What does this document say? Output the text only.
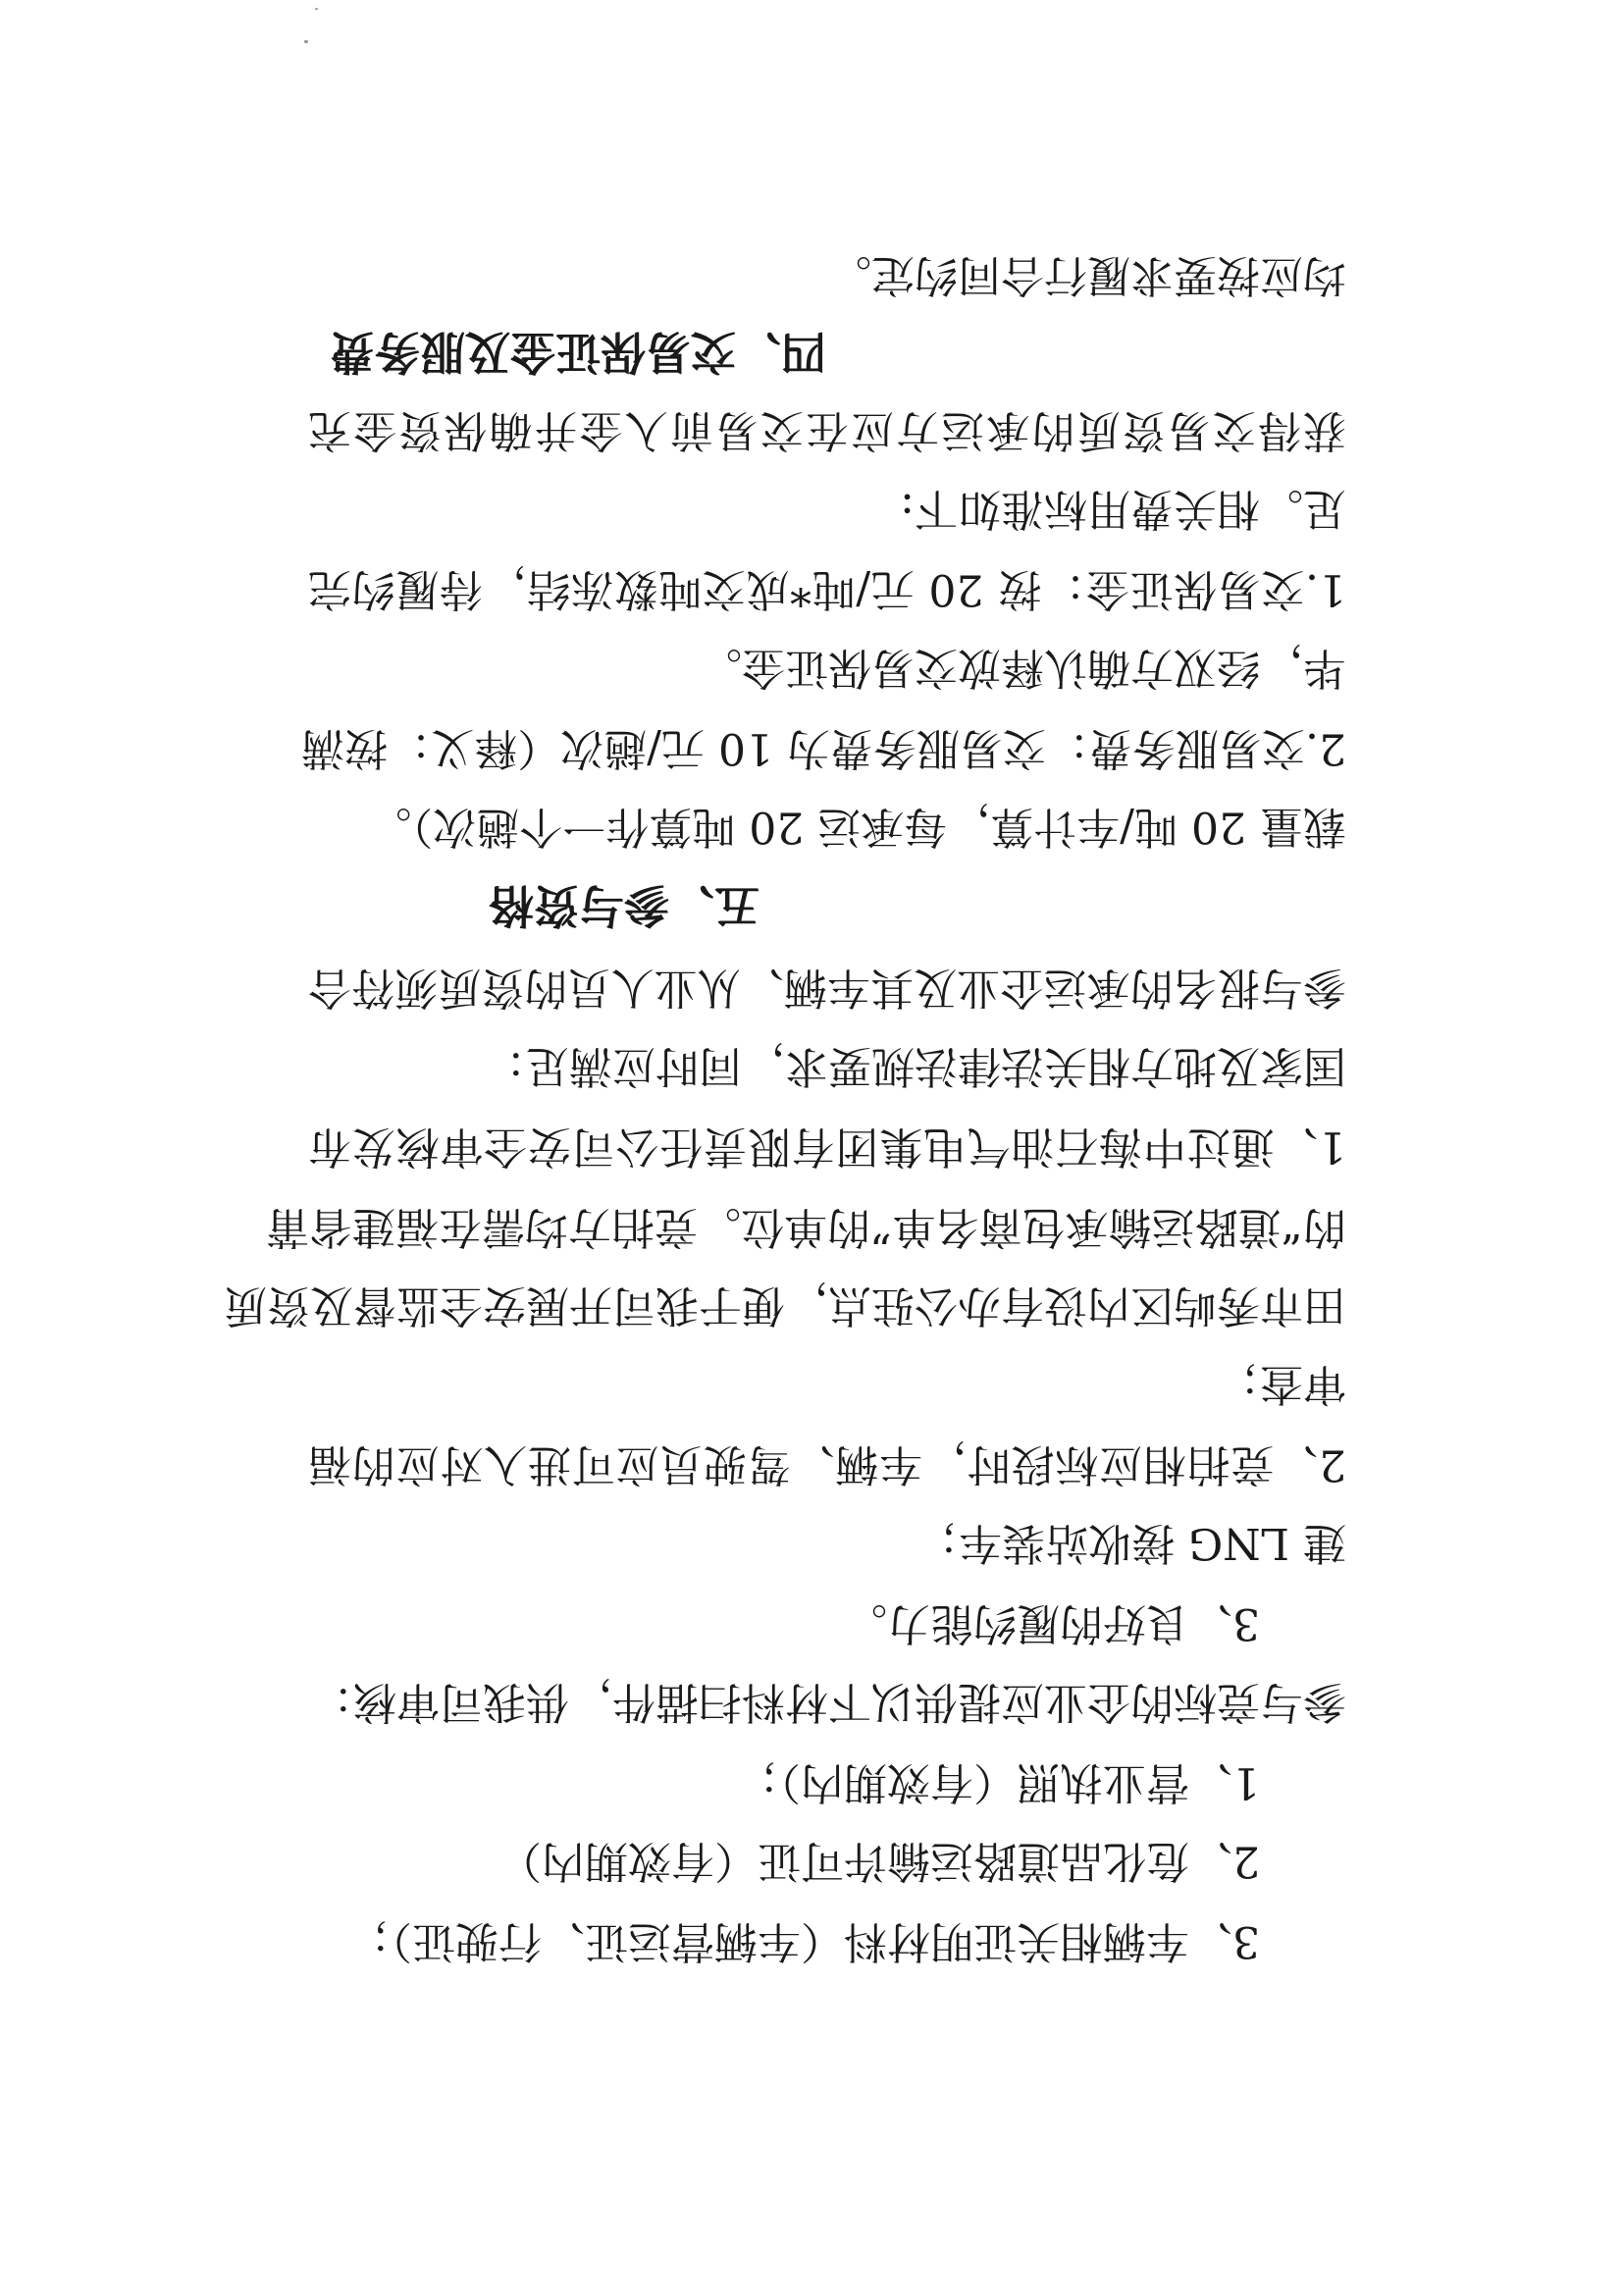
均应按要求履行合同约定。
四、交易保证金及服务费
获得交易资质的承运方应在交易前入金并确保资金充
足。相关费用标准如下:
1.交易保证金：按 20 元/吨*成交吨数冻结，待履约完
毕，经双方确认释放交易保证金。
2.交易服务费：交易服务费为 10 元/趟次（释义：按满
载量 20 吨/车计算，每承运 20 吨算作一个趟次）。
五、参与资格
参与报名的承运企业及其车辆、从业人员的资质须符合
国家及地方相关法律法规要求，同时应满足：
1、通过中海石油气电集团有限责任公司安全审核发布
的“道路运输承包商名单”的单位。竞拍方均需在福建省莆
田市秀屿区内设有办公驻点，便于我司开展安全监督及资质
审查；
2、竞拍相应标段时，车辆、驾驶员应可进入对应的福
建 LNG 接收站装车；
3、良好的履约能力。
参与竞标的企业应提供以下材料扫描件，供我司审核：
1、营业执照（有效期内）；
2、危化品道路运输许可证（有效期内）
3、车辆相关证明材料（车辆营运证、行驶证）；
